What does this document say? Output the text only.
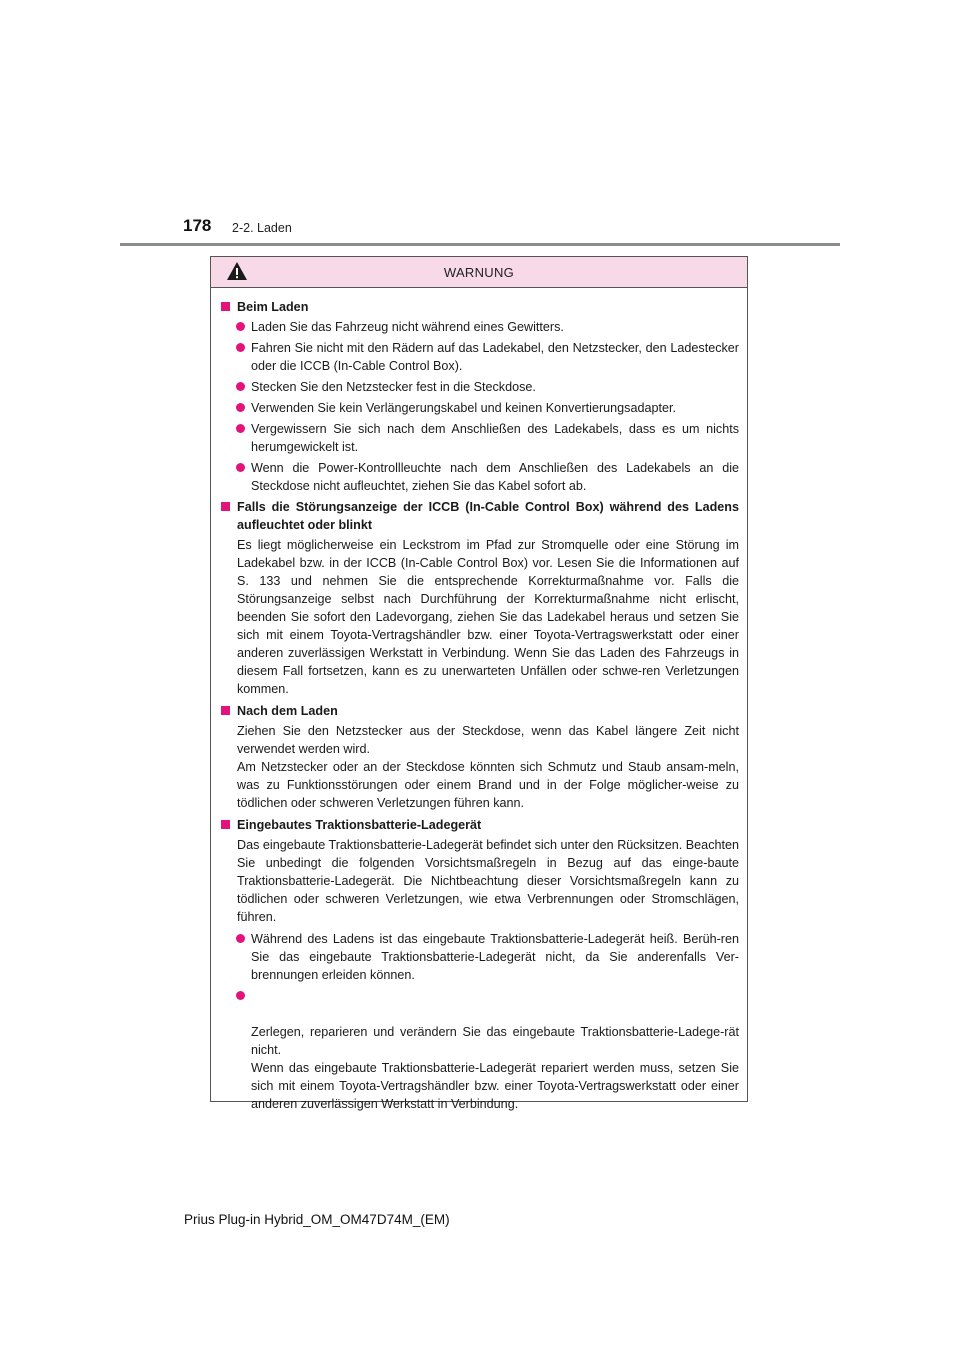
178 2-2. Laden
WARNUNG
Beim Laden
Laden Sie das Fahrzeug nicht während eines Gewitters.
Fahren Sie nicht mit den Rädern auf das Ladekabel, den Netzstecker, den Ladestecker oder die ICCB (In-Cable Control Box).
Stecken Sie den Netzstecker fest in die Steckdose.
Verwenden Sie kein Verlängerungskabel und keinen Konvertierungsadapter.
Vergewissern Sie sich nach dem Anschließen des Ladekabels, dass es um nichts herumgewickelt ist.
Wenn die Power-Kontrollleuchte nach dem Anschließen des Ladekabels an die Steckdose nicht aufleuchtet, ziehen Sie das Kabel sofort ab.
Falls die Störungsanzeige der ICCB (In-Cable Control Box) während des Ladens aufleuchtet oder blinkt
Es liegt möglicherweise ein Leckstrom im Pfad zur Stromquelle oder eine Störung im Ladekabel bzw. in der ICCB (In-Cable Control Box) vor. Lesen Sie die Informationen auf S. 133 und nehmen Sie die entsprechende Korrekturmaßnahme vor. Falls die Störungsanzeige selbst nach Durchführung der Korrekturmaßnahme nicht erlischt, beenden Sie sofort den Ladevorgang, ziehen Sie das Ladekabel heraus und setzen Sie sich mit einem Toyota-Vertragshändler bzw. einer Toyota-Vertragswerkstatt oder einer anderen zuverlässigen Werkstatt in Verbindung. Wenn Sie das Laden des Fahrzeugs in diesem Fall fortsetzen, kann es zu unerwarteten Unfällen oder schwe-ren Verletzungen kommen.
Nach dem Laden
Ziehen Sie den Netzstecker aus der Steckdose, wenn das Kabel längere Zeit nicht verwendet werden wird.
Am Netzstecker oder an der Steckdose könnten sich Schmutz und Staub ansam-meln, was zu Funktionsstörungen oder einem Brand und in der Folge möglicher-weise zu tödlichen oder schweren Verletzungen führen kann.
Eingebautes Traktionsbatterie-Ladegerät
Das eingebaute Traktionsbatterie-Ladegerät befindet sich unter den Rücksitzen. Beachten Sie unbedingt die folgenden Vorsichtsmaßregeln in Bezug auf das einge-baute Traktionsbatterie-Ladegerät. Die Nichtbeachtung dieser Vorsichtsmaßregeln kann zu tödlichen oder schweren Verletzungen, wie etwa Verbrennungen oder Stromschlägen, führen.
Während des Ladens ist das eingebaute Traktionsbatterie-Ladegerät heiß. Berüh-ren Sie das eingebaute Traktionsbatterie-Ladegerät nicht, da Sie anderenfalls Ver-brennungen erleiden können.

Zerlegen, reparieren und verändern Sie das eingebaute Traktionsbatterie-Ladege-rät nicht.
Wenn das eingebaute Traktionsbatterie-Ladegerät repariert werden muss, setzen Sie sich mit einem Toyota-Vertragshändler bzw. einer Toyota-Vertragswerkstatt oder einer anderen zuverlässigen Werkstatt in Verbindung.

Prius Plug-in Hybrid_OM_OM47D74M_(EM)
